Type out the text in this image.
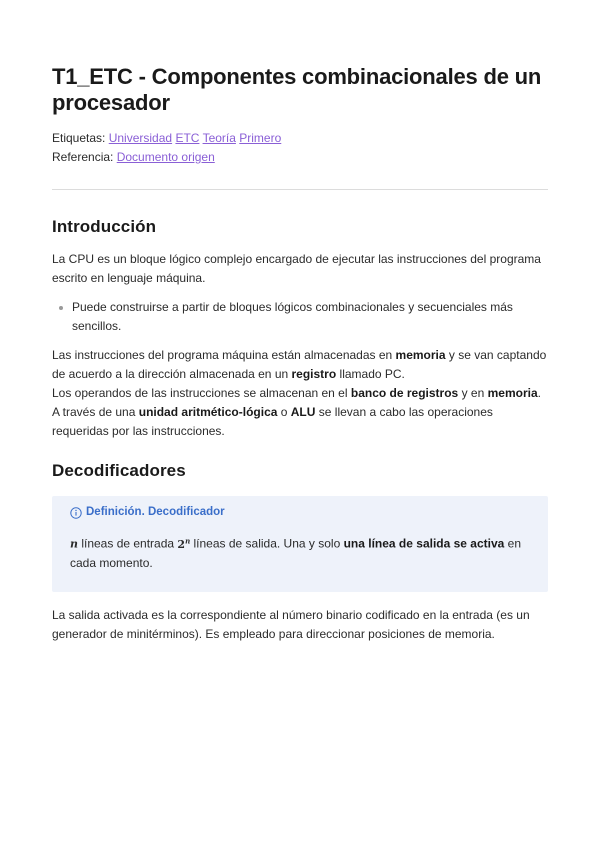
T1_ETC - Componentes combinacionales de un procesador
Etiquetas: Universidad ETC Teoría Primero
Referencia: Documento origen
Introducción

La CPU es un bloque lógico complejo encargado de ejecutar las instrucciones del programa escrito en lenguaje máquina.

Puede construirse a partir de bloques lógicos combinacionales y secuenciales más sencillos.

Las instrucciones del programa máquina están almacenadas en memoria y se van captando de acuerdo a la dirección almacenada en un registro llamado PC.
Los operandos de las instrucciones se almacenan en el banco de registros y en memoria.
A través de una unidad aritmético-lógica o ALU se llevan a cabo las operaciones requeridas por las instrucciones.

Decodificadores
Definición. Decodificador
n líneas de entrada 2$^n$ líneas de salida. Una y solo una línea de salida se activa en cada momento.

La salida activada es la correspondiente al número binario codificado en la entrada (es un generador de minitérminos). Es empleado para direccionar posiciones de memoria.
